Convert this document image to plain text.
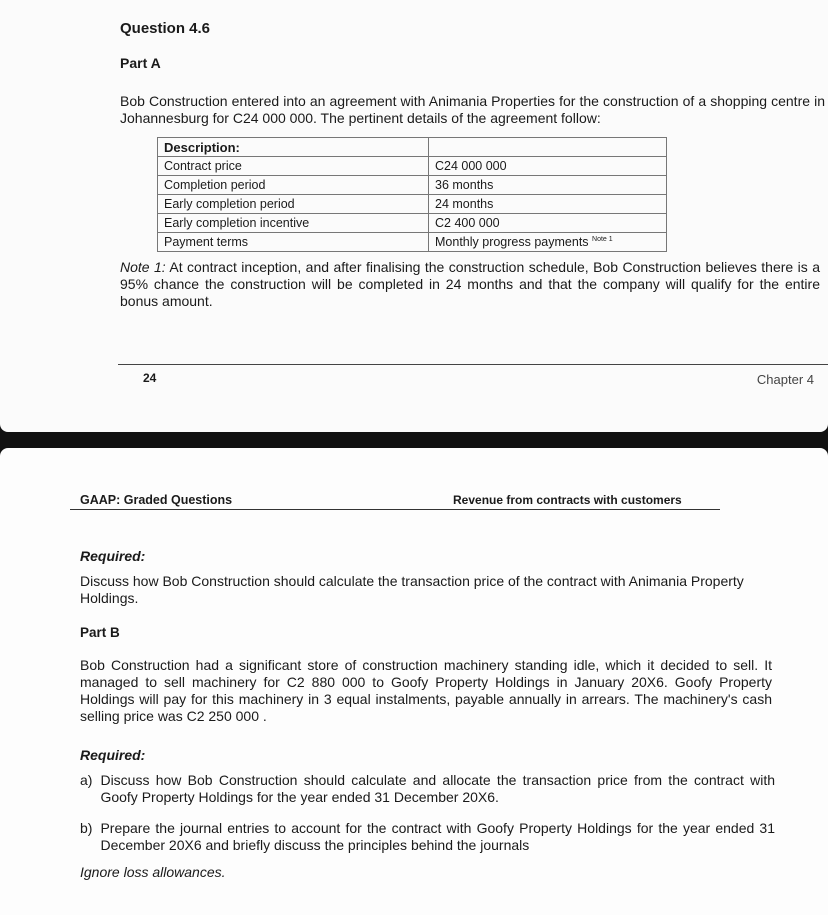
Question 4.6
Part A
Bob Construction entered into an agreement with Animania Properties for the construction of a shopping centre in Johannesburg for C24 000 000. The pertinent details of the agreement follow:
Description:	
Contract price	C24 000 000
Completion period	36 months
Early completion period	24 months
Early completion incentive	C2 400 000
Payment terms	Monthly progress payments $^{Note 1}$
Note 1: At contract inception, and after finalising the construction schedule, Bob Construction believes there is a 95% chance the construction will be completed in 24 months and that the company will qualify for the entire bonus amount.
24	Chapter 4
GAAP: Graded Questions	Revenue from contracts with customers
Required:
Discuss how Bob Construction should calculate the transaction price of the contract with Animania Property Holdings.
Part B
Bob Construction had a significant store of construction machinery standing idle, which it decided to sell. It managed to sell machinery for C2 880 000 to Goofy Property Holdings in January 20X6. Goofy Property Holdings will pay for this machinery in 3 equal instalments, payable annually in arrears. The machinery's cash selling price was C2 250 000 .
Required:
a) Discuss how Bob Construction should calculate and allocate the transaction price from the contract with Goofy Property Holdings for the year ended 31 December 20X6.
b) Prepare the journal entries to account for the contract with Goofy Property Holdings for the year ended 31 December 20X6 and briefly discuss the principles behind the journals
Ignore loss allowances.
